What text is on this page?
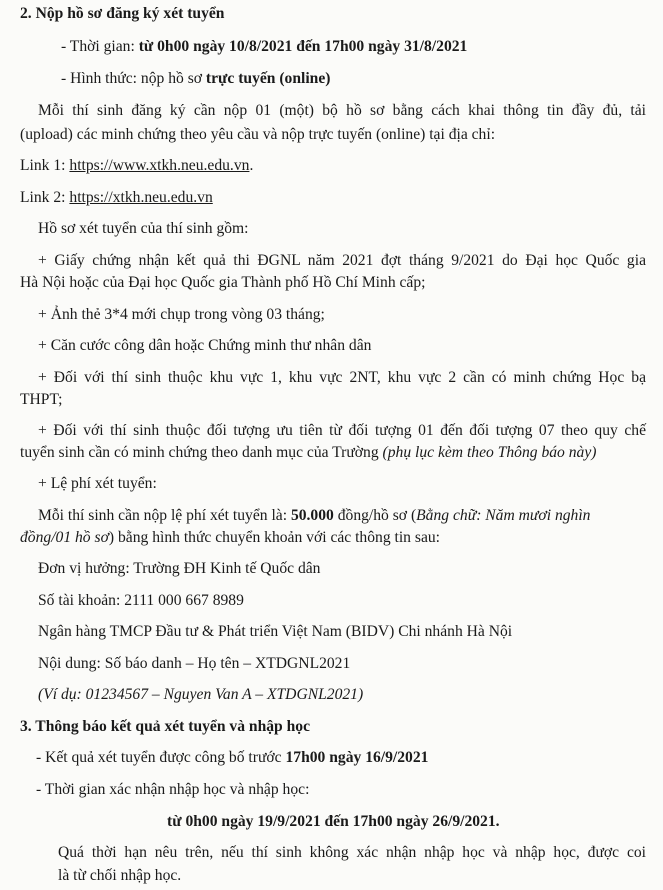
2. Nộp hồ sơ đăng ký xét tuyển
- Thời gian: từ 0h00 ngày 10/8/2021 đến 17h00 ngày 31/8/2021
- Hình thức: nộp hồ sơ trực tuyến (online)
Mỗi thí sinh đăng ký cần nộp 01 (một) bộ hồ sơ bằng cách khai thông tin đầy đủ, tải
(upload) các minh chứng theo yêu cầu và nộp trực tuyến (online) tại địa chỉ:
Link 1: https://www.xtkh.neu.edu.vn.
Link 2: https://xtkh.neu.edu.vn
Hồ sơ xét tuyển của thí sinh gồm:
+ Giấy chứng nhận kết quả thi ĐGNL năm 2021 đợt tháng 9/2021 do Đại học Quốc gia
Hà Nội hoặc của Đại học Quốc gia Thành phố Hồ Chí Minh cấp;
+ Ảnh thẻ 3*4 mới chụp trong vòng 03 tháng;
+ Căn cước công dân hoặc Chứng minh thư nhân dân
+ Đối với thí sinh thuộc khu vực 1, khu vực 2NT, khu vực 2 cần có minh chứng Học bạ
THPT;
+ Đối với thí sinh thuộc đối tượng ưu tiên từ đối tượng 01 đến đối tượng 07 theo quy chế
tuyển sinh cần có minh chứng theo danh mục của Trường (phụ lục kèm theo Thông báo này)
+ Lệ phí xét tuyển:
Mỗi thí sinh cần nộp lệ phí xét tuyển là: 50.000 đồng/hồ sơ (Bằng chữ: Năm mươi nghìn
đồng/01 hồ sơ) bằng hình thức chuyển khoản với các thông tin sau:
Đơn vị hưởng: Trường ĐH Kinh tế Quốc dân
Số tài khoản: 2111 000 667 8989
Ngân hàng TMCP Đầu tư & Phát triển Việt Nam (BIDV) Chi nhánh Hà Nội
Nội dung: Số báo danh – Họ tên – XTDGNL2021
(Ví dụ: 01234567 – Nguyen Van A – XTDGNL2021)
3. Thông báo kết quả xét tuyển và nhập học
- Kết quả xét tuyển được công bố trước 17h00 ngày 16/9/2021
- Thời gian xác nhận nhập học và nhập học:
từ 0h00 ngày 19/9/2021 đến 17h00 ngày 26/9/2021.
Quá thời hạn nêu trên, nếu thí sinh không xác nhận nhập học và nhập học, được coi
là từ chối nhập học.
